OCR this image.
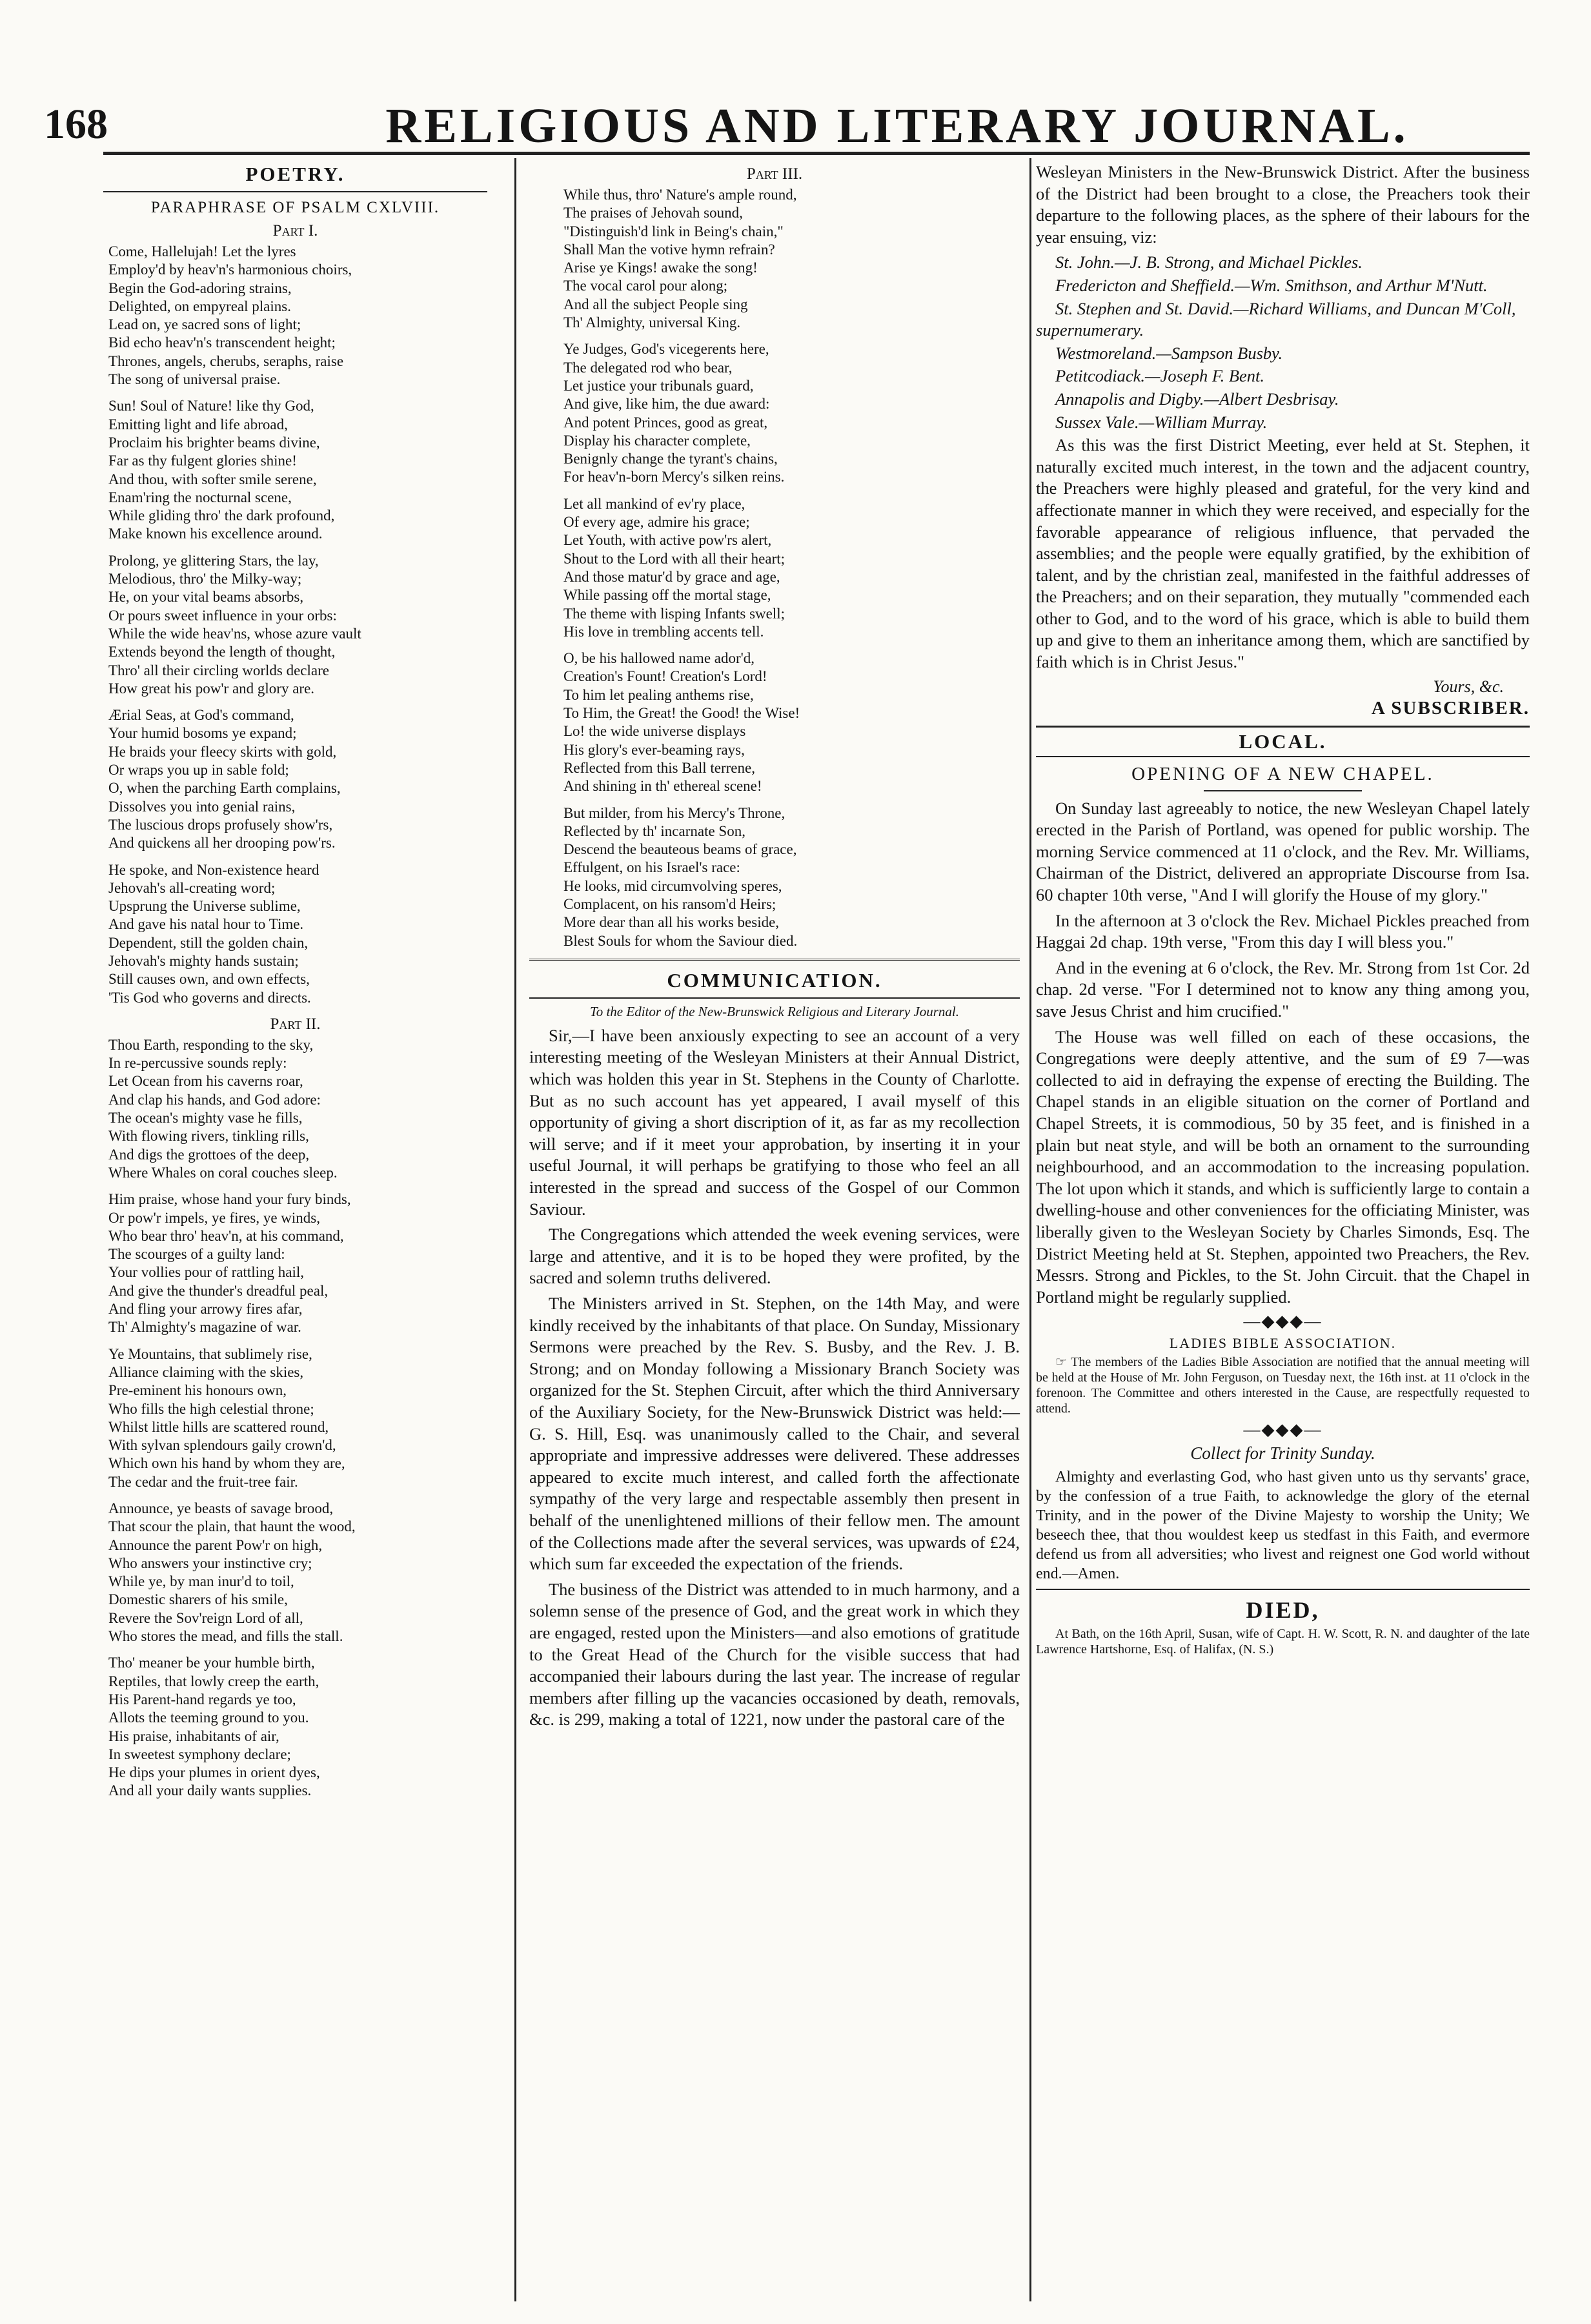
168	RELIGIOUS AND LITERARY JOURNAL.
POETRY.
PARAPHRASE OF PSALM CXLVIII.
Part I.
Come, Hallelujah! Let the lyres
Employ'd by heav'n's harmonious choirs,
Begin the God-adoring strains,
Delighted, on empyreal plains.
Lead on, ye sacred sons of light;
Bid echo heav'n's transcendent height;
Thrones, angels, cherubs, seraphs, raise
The song of universal praise.
Sun! Soul of Nature! like thy God,
Emitting light and life abroad,
Proclaim his brighter beams divine,
Far as thy fulgent glories shine!
And thou, with softer smile serene,
Enam'ring the nocturnal scene,
While gliding thro' the dark profound,
Make known his excellence around.
Prolong, ye glittering Stars, the lay,
Melodious, thro' the Milky-way;
He, on your vital beams absorbs,
Or pours sweet influence in your orbs:
While the wide heav'ns, whose azure vault
Extends beyond the length of thought,
Thro' all their circling worlds declare
How great his pow'r and glory are.
Ærial Seas, at God's command,
Your humid bosoms ye expand;
He braids your fleecy skirts with gold,
Or wraps you up in sable fold;
O, when the parching Earth complains,
Dissolves you into genial rains,
The luscious drops profusely show'rs,
And quickens all her drooping pow'rs.
He spoke, and Non-existence heard
Jehovah's all-creating word;
Upsprung the Universe sublime,
And gave his natal hour to Time.
Dependent, still the golden chain,
Jehovah's mighty hands sustain;
Still causes own, and own effects,
'Tis God who governs and directs.
Part II.
Thou Earth, responding to the sky,
In re-percussive sounds reply:
Let Ocean from his caverns roar,
And clap his hands, and God adore:
The ocean's mighty vase he fills,
With flowing rivers, tinkling rills,
And digs the grottoes of the deep,
Where Whales on coral couches sleep.
Him praise, whose hand your fury binds,
Or pow'r impels, ye fires, ye winds,
Who bear thro' heav'n, at his command,
The scourges of a guilty land:
Your vollies pour of rattling hail,
And give the thunder's dreadful peal,
And fling your arrowy fires afar,
Th' Almighty's magazine of war.
Ye Mountains, that sublimely rise,
Alliance claiming with the skies,
Pre-eminent his honours own,
Who fills the high celestial throne;
Whilst little hills are scattered round,
With sylvan splendours gaily crown'd,
Which own his hand by whom they are,
The cedar and the fruit-tree fair.
Announce, ye beasts of savage brood,
That scour the plain, that haunt the wood,
Announce the parent Pow'r on high,
Who answers your instinctive cry;
While ye, by man inur'd to toil,
Domestic sharers of his smile,
Revere the Sov'reign Lord of all,
Who stores the mead, and fills the stall.
Tho' meaner be your humble birth,
Reptiles, that lowly creep the earth,
His Parent-hand regards ye too,
Allots the teeming ground to you.
His praise, inhabitants of air,
In sweetest symphony declare;
He dips your plumes in orient dyes,
And all your daily wants supplies.
Part III.
While thus, thro' Nature's ample round,
The praises of Jehovah sound,
"Distinguish'd link in Being's chain,"
Shall Man the votive hymn refrain?
Arise ye Kings! awake the song!
The vocal carol pour along;
And all the subject People sing
Th' Almighty, universal King.
Ye Judges, God's vicegerents here,
The delegated rod who bear,
Let justice your tribunals guard,
And give, like him, the due award:
And potent Princes, good as great,
Display his character complete,
Benignly change the tyrant's chains,
For heav'n-born Mercy's silken reins.
Let all mankind of ev'ry place,
Of every age, admire his grace;
Let Youth, with active pow'rs alert,
Shout to the Lord with all their heart;
And those matur'd by grace and age,
While passing off the mortal stage,
The theme with lisping Infants swell;
His love in trembling accents tell.
O, be his hallowed name ador'd,
Creation's Fount! Creation's Lord!
To him let pealing anthems rise,
To Him, the Great! the Good! the Wise!
Lo! the wide universe displays
His glory's ever-beaming rays,
Reflected from this Ball terrene,
And shining in th' ethereal scene!
But milder, from his Mercy's Throne,
Reflected by th' incarnate Son,
Descend the beauteous beams of grace,
Effulgent, on his Israel's race:
He looks, mid circumvolving speres,
Complacent, on his ransom'd Heirs;
More dear than all his works beside,
Blest Souls for whom the Saviour died.
COMMUNICATION.
To the Editor of the New-Brunswick Religious and Literary Journal.

Sir,—I have been anxiously expecting to see an account of a very interesting meeting of the Wesleyan Ministers at their Annual District, which was holden this year in St. Stephens in the County of Charlotte. But as no such account has yet appeared, I avail myself of this opportunity of giving a short discription of it, as far as my recollection will serve; and if it meet your approbation, by inserting it in your useful Journal, it will perhaps be gratifying to those who feel an all interested in the spread and success of the Gospel of our Common Saviour.

The Congregations which attended the week evening services, were large and attentive, and it is to be hoped they were profited, by the sacred and solemn truths delivered.

The Ministers arrived in St. Stephen, on the 14th May, and were kindly received by the inhabitants of that place. On Sunday, Missionary Sermons were preached by the Rev. S. Busby, and the Rev. J. B. Strong; and on Monday following a Missionary Branch Society was organized for the St. Stephen Circuit, after which the third Anniversary of the Auxiliary Society, for the New-Brunswick District was held:—G. S. Hill, Esq. was unanimously called to the Chair, and several appropriate and impressive addresses were delivered. These addresses appeared to excite much interest, and called forth the affectionate sympathy of the very large and respectable assembly then present in behalf of the unenlightened millions of their fellow men. The amount of the Collections made after the several services, was upwards of £24, which sum far exceeded the expectation of the friends.

The business of the District was attended to in much harmony, and a solemn sense of the presence of God, and the great work in which they are engaged, rested upon the Ministers—and also emotions of gratitude to the Great Head of the Church for the visible success that had accompanied their labours during the last year. The increase of regular members after filling up the vacancies occasioned by death, removals, &c. is 299, making a total of 1221, now under the pastoral care of the

Wesleyan Ministers in the New-Brunswick District. After the business of the District had been brought to a close, the Preachers took their departure to the following places, as the sphere of their labours for the year ensuing, viz:

St. John.—J. B. Strong, and Michael Pickles.

Fredericton and Sheffield.—Wm. Smithson, and Arthur M'Nutt.

St. Stephen and St. David.—Richard Williams, and Duncan M'Coll, supernumerary.

Westmoreland.—Sampson Busby.

Petitcodiack.—Joseph F. Bent.

Annapolis and Digby.—Albert Desbrisay.

Sussex Vale.—William Murray.

As this was the first District Meeting, ever held at St. Stephen, it naturally excited much interest, in the town and the adjacent country, the Preachers were highly pleased and grateful, for the very kind and affectionate manner in which they were received, and especially for the favorable appearance of religious influence, that pervaded the assemblies; and the people were equally gratified, by the exhibition of talent, and by the christian zeal, manifested in the faithful addresses of the Preachers; and on their separation, they mutually "commended each other to God, and to the word of his grace, which is able to build them up and give to them an inheritance among them, which are sanctified by faith which is in Christ Jesus."

Yours, &c.
A SUBSCRIBER.
LOCAL.
OPENING OF A NEW CHAPEL.

On Sunday last agreeably to notice, the new Wesleyan Chapel lately erected in the Parish of Portland, was opened for public worship. The morning Service commenced at 11 o'clock, and the Rev. Mr. Williams, Chairman of the District, delivered an appropriate Discourse from Isa. 60 chapter 10th verse, "And I will glorify the House of my glory."

In the afternoon at 3 o'clock the Rev. Michael Pickles preached from Haggai 2d chap. 19th verse, "From this day I will bless you."

And in the evening at 6 o'clock, the Rev. Mr. Strong from 1st Cor. 2d chap. 2d verse. "For I determined not to know any thing among you, save Jesus Christ and him crucified."

The House was well filled on each of these occasions, the Congregations were deeply attentive, and the sum of £9 7—was collected to aid in defraying the expense of erecting the Building. The Chapel stands in an eligible situation on the corner of Portland and Chapel Streets, it is commodious, 50 by 35 feet, and is finished in a plain but neat style, and will be both an ornament to the surrounding neighbourhood, and an accommodation to the increasing population. The lot upon which it stands, and which is sufficiently large to contain a dwelling-house and other conveniences for the officiating Minister, was liberally given to the Wesleyan Society by Charles Simonds, Esq. The District Meeting held at St. Stephen, appointed two Preachers, the Rev. Messrs. Strong and Pickles, to the St. John Circuit. that the Chapel in Portland might be regularly supplied.

—◆◆◆—
LADIES BIBLE ASSOCIATION.

☞ The members of the Ladies Bible Association are notified that the annual meeting will be held at the House of Mr. John Ferguson, on Tuesday next, the 16th inst. at 11 o'clock in the forenoon. The Committee and others interested in the Cause, are respectfully requested to attend.

—◆◆◆—
Collect for Trinity Sunday.

Almighty and everlasting God, who hast given unto us thy servants' grace, by the confession of a true Faith, to acknowledge the glory of the eternal Trinity, and in the power of the Divine Majesty to worship the Unity; We beseech thee, that thou wouldest keep us stedfast in this Faith, and evermore defend us from all adversities; who livest and reignest one God world without end.—Amen.

DIED,

At Bath, on the 16th April, Susan, wife of Capt. H. W. Scott, R. N. and daughter of the late Lawrence Hartshorne, Esq. of Halifax, (N. S.)
